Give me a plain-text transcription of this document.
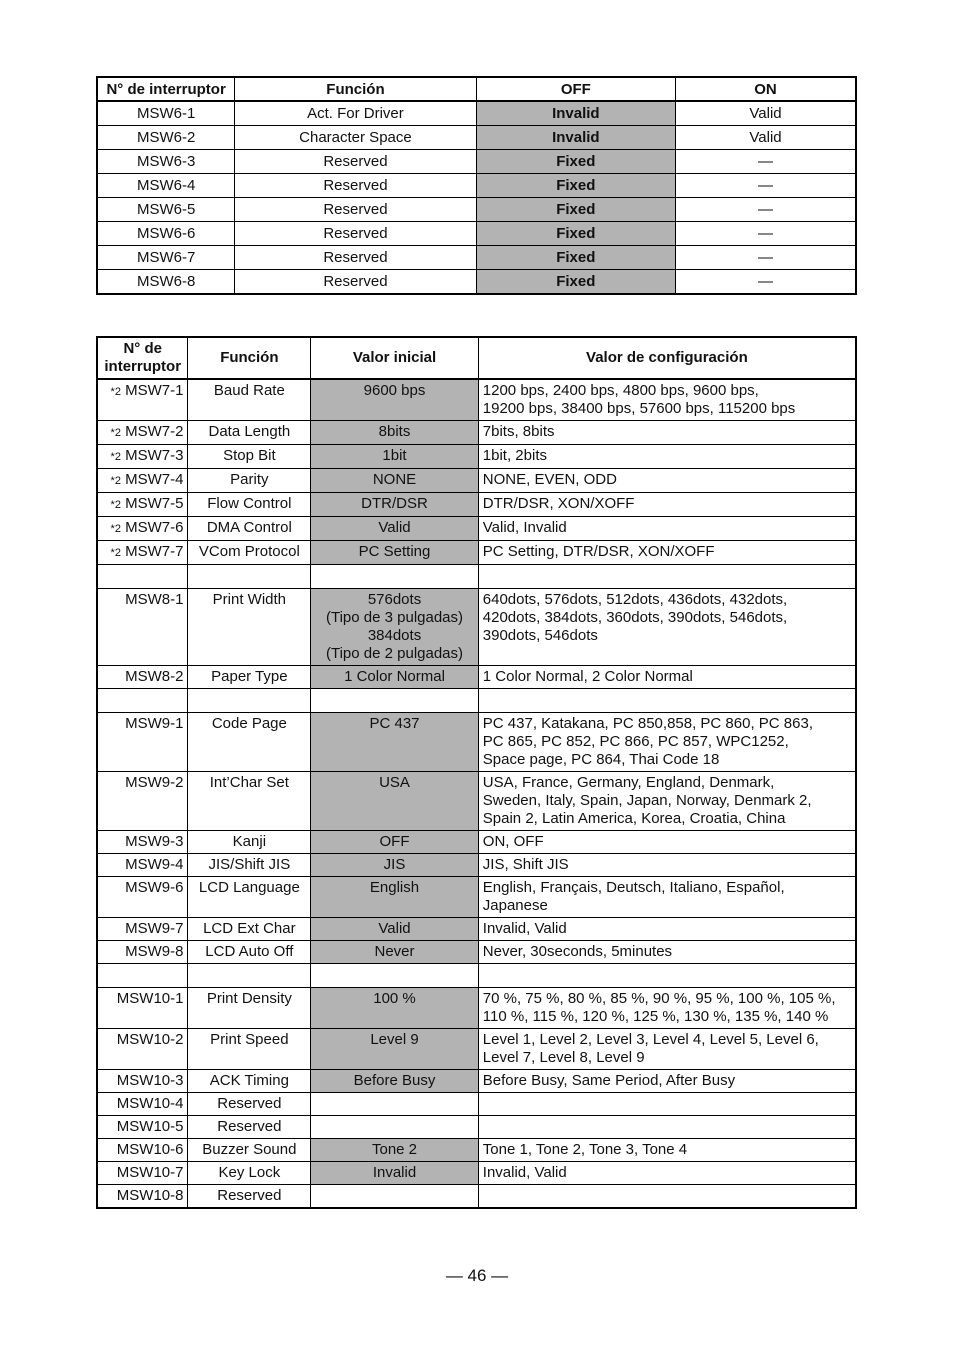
N° de interruptor	Función	OFF	ON
MSW6-1	Act. For Driver	Invalid	Valid
MSW6-2	Character Space	Invalid	Valid
MSW6-3	Reserved	Fixed	—
MSW6-4	Reserved	Fixed	—
MSW6-5	Reserved	Fixed	—
MSW6-6	Reserved	Fixed	—
MSW6-7	Reserved	Fixed	—
MSW6-8	Reserved	Fixed	—
N° de interruptor	Función	Valor inicial	Valor de configuración
*2 MSW7-1	Baud Rate	9600 bps	1200 bps, 2400 bps, 4800 bps, 9600 bps,
19200 bps, 38400 bps, 57600 bps, 115200 bps
*2 MSW7-2	Data Length	8bits	7bits, 8bits
*2 MSW7-3	Stop Bit	1bit	1bit, 2bits
*2 MSW7-4	Parity	NONE	NONE, EVEN, ODD
*2 MSW7-5	Flow Control	DTR/DSR	DTR/DSR, XON/XOFF
*2 MSW7-6	DMA Control	Valid	Valid, Invalid
*2 MSW7-7	VCom Protocol	PC Setting	PC Setting, DTR/DSR, XON/XOFF

MSW8-1	Print Width	576dots
(Tipo de 3 pulgadas)
384dots
(Tipo de 2 pulgadas)	640dots, 576dots, 512dots, 436dots, 432dots,
420dots, 384dots, 360dots, 390dots, 546dots,
390dots, 546dots
MSW8-2	Paper Type	1 Color Normal	1 Color Normal, 2 Color Normal

MSW9-1	Code Page	PC 437	PC 437, Katakana, PC 850,858, PC 860, PC 863,
PC 865, PC 852, PC 866, PC 857, WPC1252,
Space page, PC 864, Thai Code 18
MSW9-2	Int’Char Set	USA	USA, France, Germany, England, Denmark,
Sweden, Italy, Spain, Japan, Norway, Denmark 2,
Spain 2, Latin America, Korea, Croatia, China
MSW9-3	Kanji	OFF	ON, OFF
MSW9-4	JIS/Shift JIS	JIS	JIS, Shift JIS
MSW9-6	LCD Language	English	English, Français, Deutsch, Italiano, Español,
Japanese
MSW9-7	LCD Ext Char	Valid	Invalid, Valid
MSW9-8	LCD Auto Off	Never	Never, 30seconds, 5minutes

MSW10-1	Print Density	100 %	70 %, 75 %, 80 %, 85 %, 90 %, 95 %, 100 %, 105 %,
110 %, 115 %, 120 %, 125 %, 130 %, 135 %, 140 %
MSW10-2	Print Speed	Level 9	Level 1, Level 2, Level 3, Level 4, Level 5, Level 6,
Level 7, Level 8, Level 9
MSW10-3	ACK Timing	Before Busy	Before Busy, Same Period, After Busy
MSW10-4	Reserved		
MSW10-5	Reserved		
MSW10-6	Buzzer Sound	Tone 2	Tone 1, Tone 2, Tone 3, Tone 4
MSW10-7	Key Lock	Invalid	Invalid, Valid
MSW10-8	Reserved		
— 46 —
